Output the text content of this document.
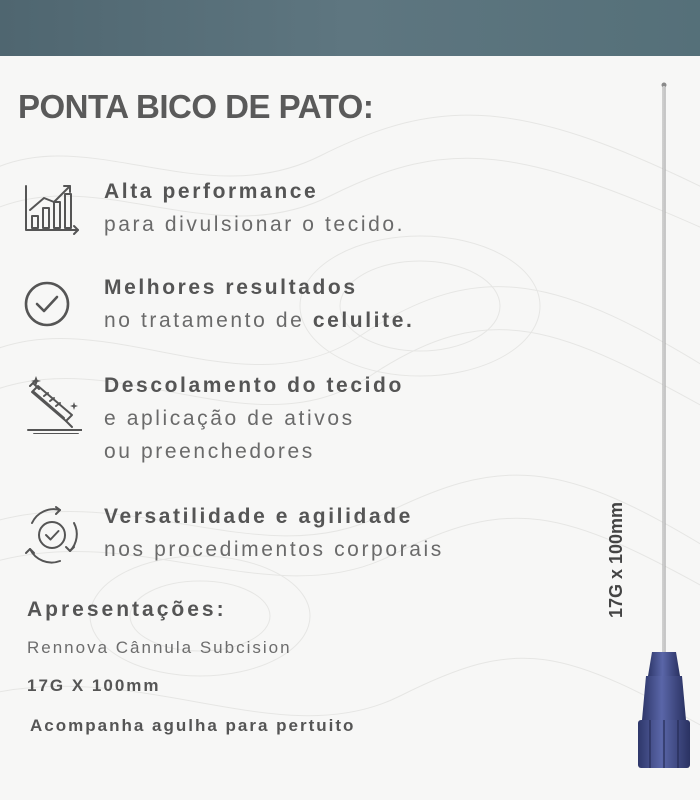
PONTA BICO DE PATO:
Alta performance
para divulsionar o tecido.
Melhores resultados
no tratamento de celulite.
Descolamento do tecido
e aplicação de ativos
ou preenchedores
Versatilidade e agilidade
nos procedimentos corporais
Apresentações:
Rennova Cânnula Subcision
17G X 100mm
Acompanha agulha para pertuito
17G x 100mm
